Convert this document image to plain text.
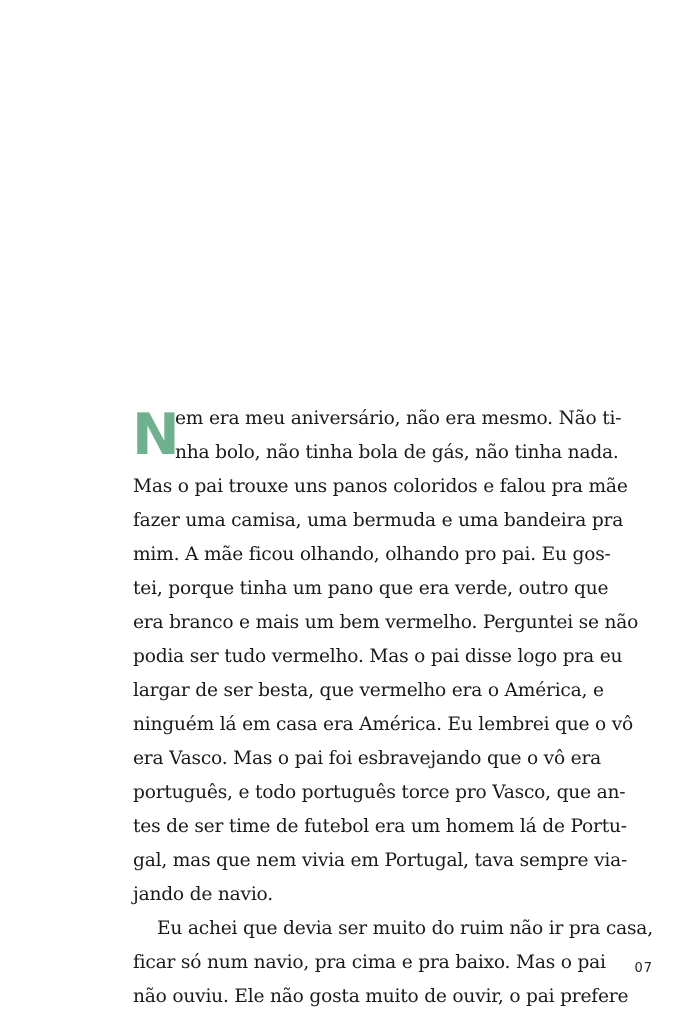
N
em era meu aniversário, não era mesmo. Não ti-
nha bolo, não tinha bola de gás, não tinha nada.
Mas o pai trouxe uns panos coloridos e falou pra mãe
fazer uma camisa, uma bermuda e uma bandeira pra
mim. A mãe ficou olhando, olhando pro pai. Eu gos-
tei, porque tinha um pano que era verde, outro que
era branco e mais um bem vermelho. Perguntei se não
podia ser tudo vermelho. Mas o pai disse logo pra eu
largar de ser besta, que vermelho era o América, e
ninguém lá em casa era América. Eu lembrei que o vô
era Vasco. Mas o pai foi esbravejando que o vô era
português, e todo português torce pro Vasco, que an-
tes de ser time de futebol era um homem lá de Portu-
gal, mas que nem vivia em Portugal, tava sempre via-
jando de navio.
Eu achei que devia ser muito do ruim não ir pra casa,
ficar só num navio, pra cima e pra baixo. Mas o pai
não ouviu. Ele não gosta muito de ouvir, o pai prefere
07
